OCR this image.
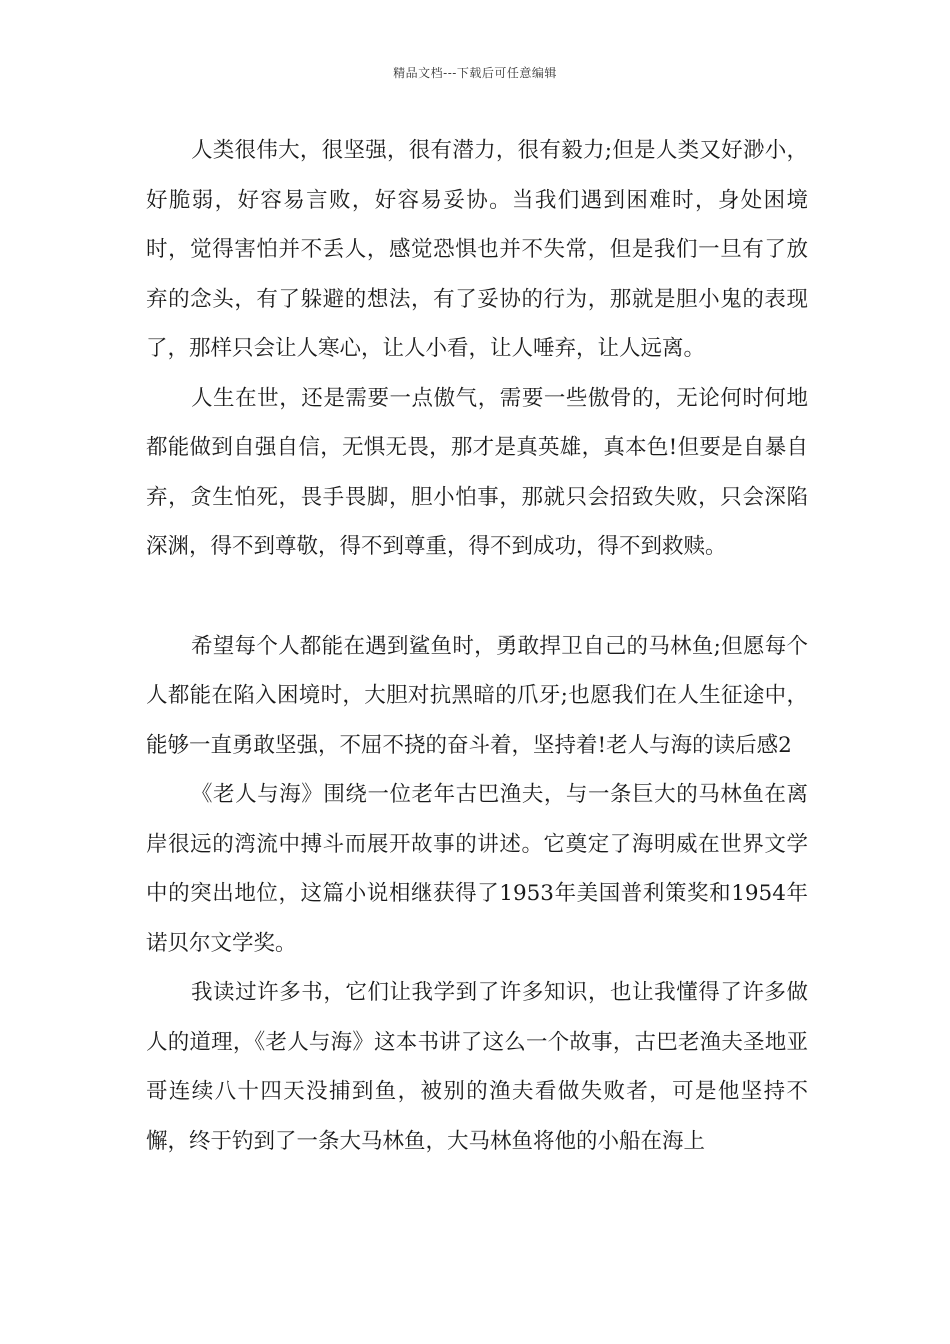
精品文档---下载后可任意编辑

人类很伟大，很坚强，很有潜力，很有毅力;但是人类又好渺小，好脆弱，好容易言败，好容易妥协。当我们遇到困难时，身处困境时，觉得害怕并不丢人，感觉恐惧也并不失常，但是我们一旦有了放弃的念头，有了躲避的想法，有了妥协的行为，那就是胆小鬼的表现了，那样只会让人寒心，让人小看，让人唾弃，让人远离。

人生在世，还是需要一点傲气，需要一些傲骨的，无论何时何地都能做到自强自信，无惧无畏，那才是真英雄，真本色!但要是自暴自弃，贪生怕死，畏手畏脚，胆小怕事，那就只会招致失败，只会深陷深渊，得不到尊敬，得不到尊重，得不到成功，得不到救赎。

希望每个人都能在遇到鲨鱼时，勇敢捍卫自己的马林鱼;但愿每个人都能在陷入困境时，大胆对抗黑暗的爪牙;也愿我们在人生征途中，能够一直勇敢坚强，不屈不挠的奋斗着，坚持着!老人与海的读后感2

《老人与海》围绕一位老年古巴渔夫，与一条巨大的马林鱼在离岸很远的湾流中搏斗而展开故事的讲述。它奠定了海明威在世界文学中的突出地位，这篇小说相继获得了1953年美国普利策奖和1954年诺贝尔文学奖。

我读过许多书，它们让我学到了许多知识，也让我懂得了许多做人的道理，《老人与海》这本书讲了这么一个故事，古巴老渔夫圣地亚哥连续八十四天没捕到鱼，被别的渔夫看做失败者，可是他坚持不懈，终于钓到了一条大马林鱼，大马林鱼将他的小船在海上
